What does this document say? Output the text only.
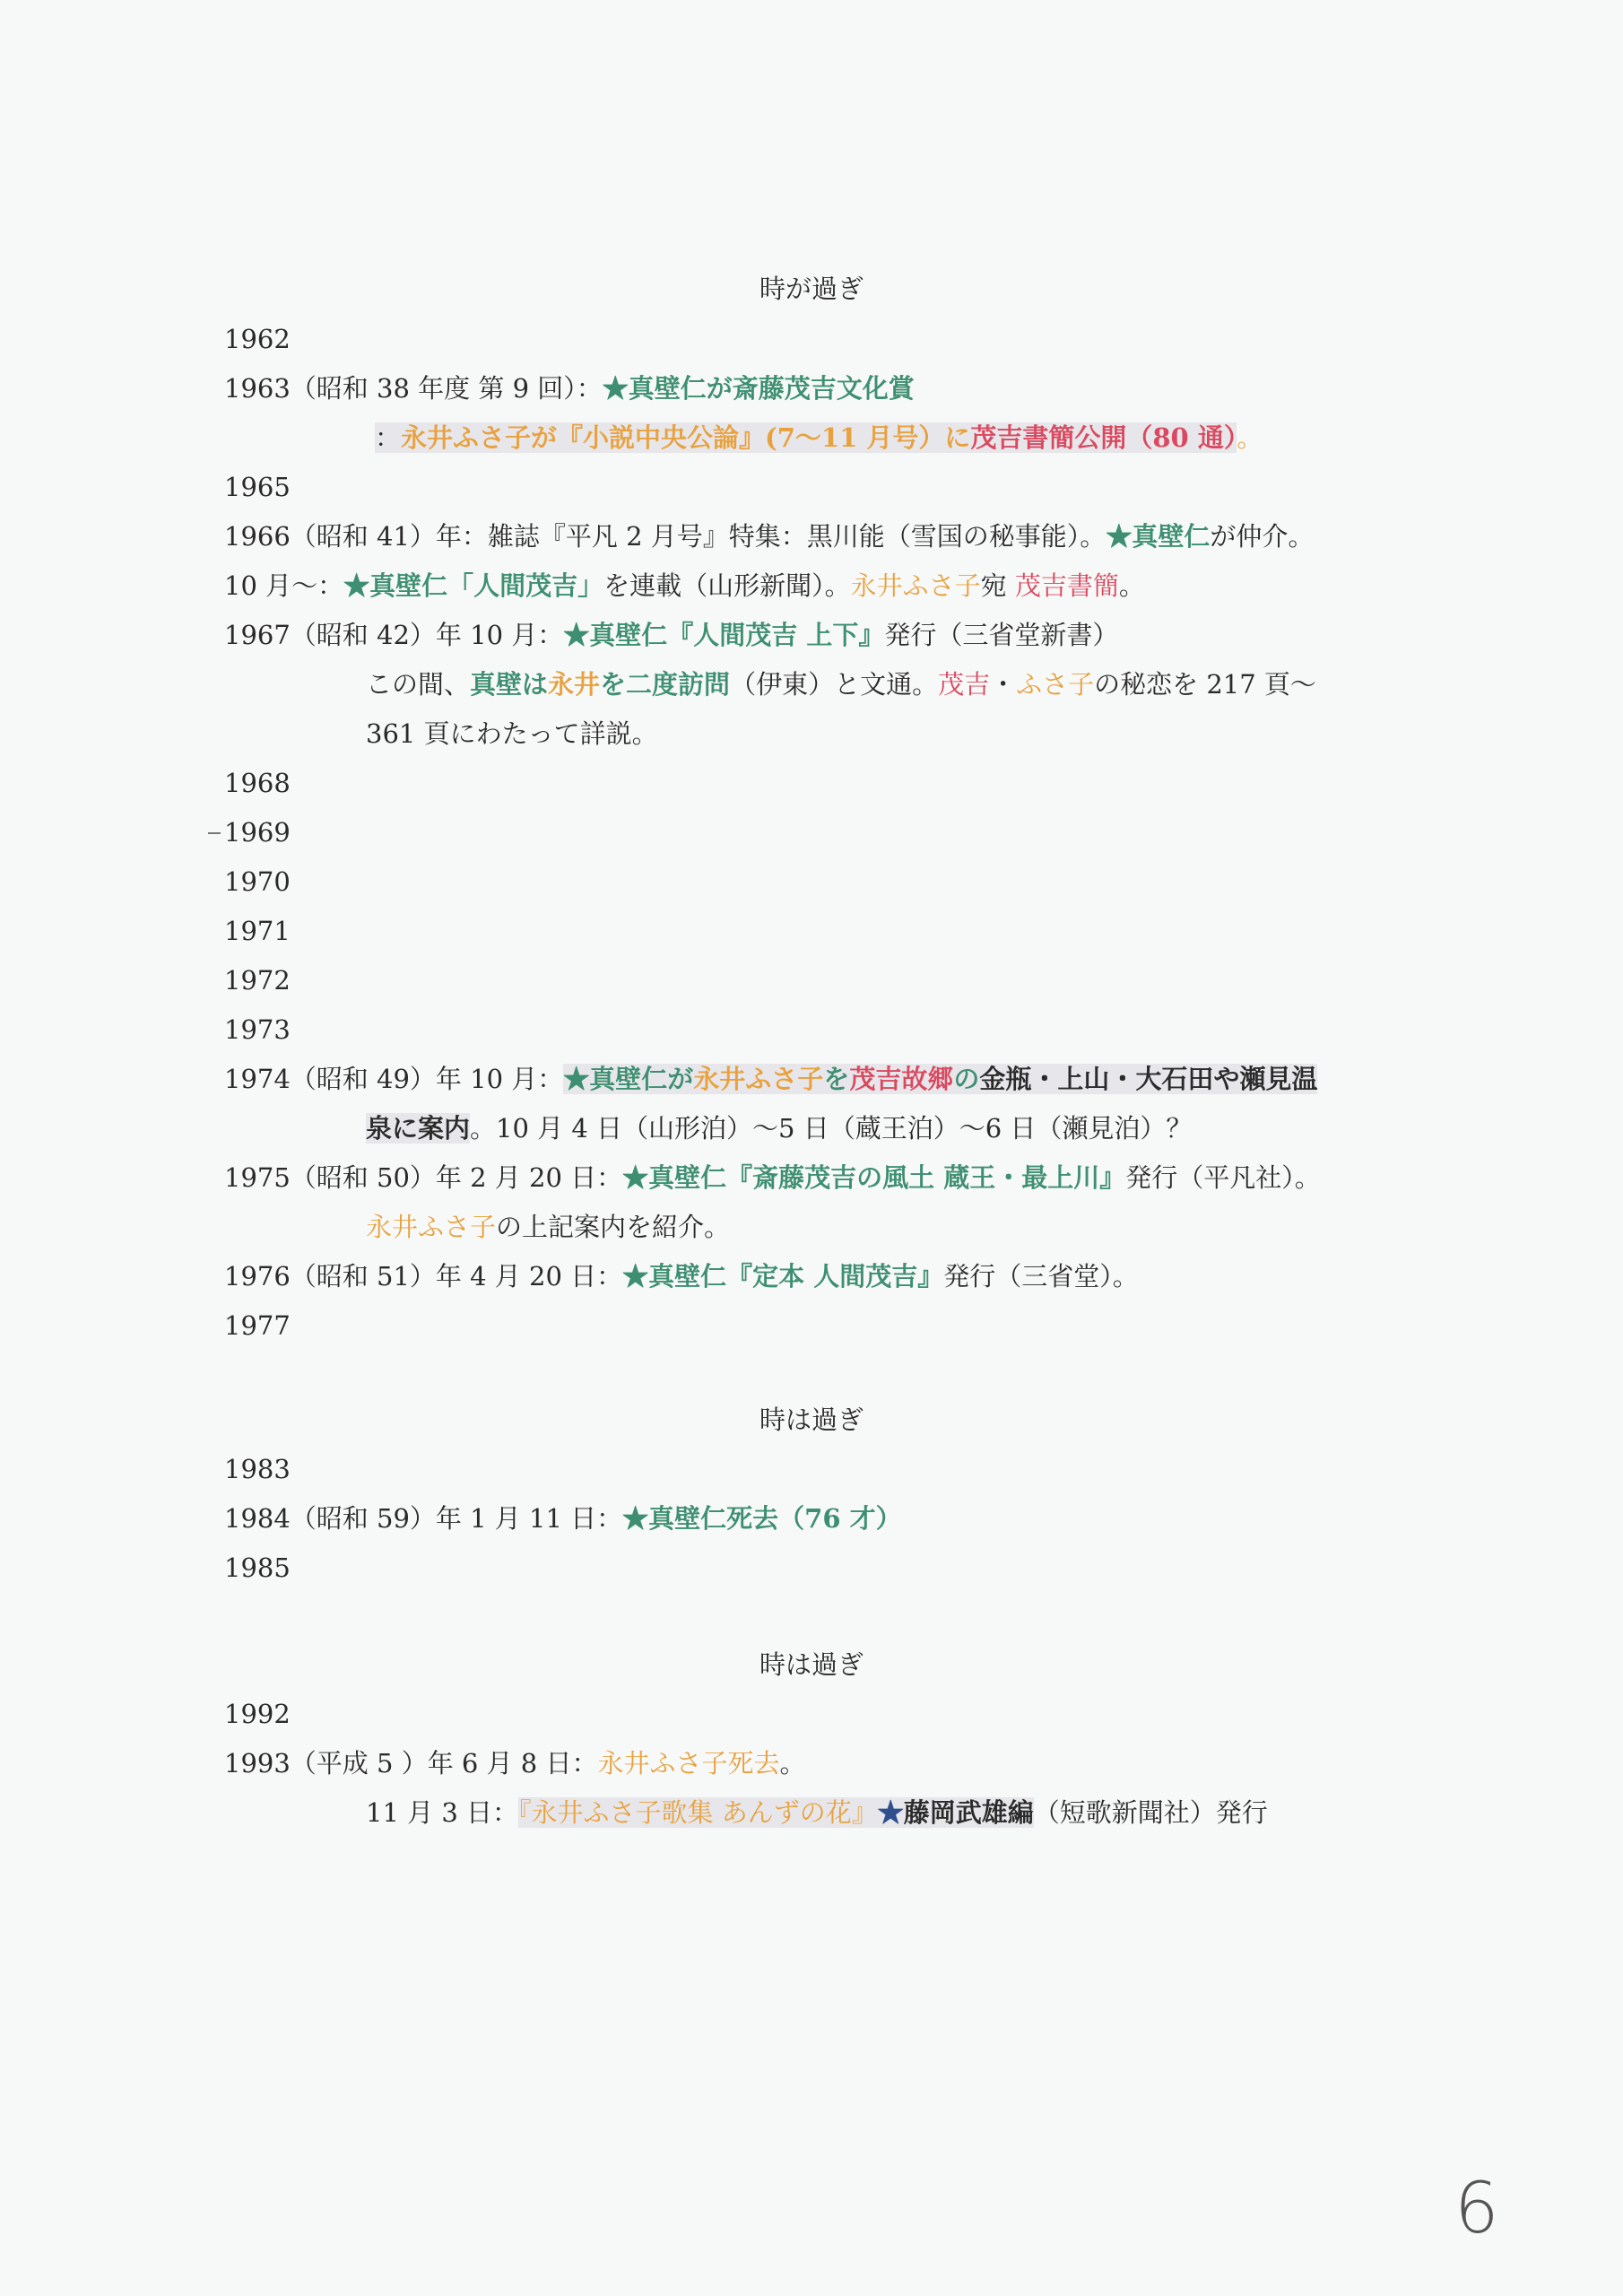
時が過ぎ
1962
1963（昭和 38 年度 第 9 回）：★真壁仁が斎藤茂吉文化賞
：永井ふさ子が『小説中央公論』(7～11 月号）に茂吉書簡公開（80 通）。
1965
1966（昭和 41）年：雑誌『平凡 2 月号』特集：黒川能（雪国の秘事能）。★真壁仁が仲介。
10 月～：★真壁仁「人間茂吉」を連載（山形新聞）。永井ふさ子宛 茂吉書簡。
1967（昭和 42）年 10 月：★真壁仁『人間茂吉 上下』発行（三省堂新書）
この間、真壁は永井を二度訪問（伊東）と文通。茂吉・ふさ子の秘恋を 217 頁～
361 頁にわたって詳説。
1968
1969
1970
1971
1972
1973
1974（昭和 49）年 10 月：★真壁仁が永井ふさ子を茂吉故郷の金瓶・上山・大石田や瀬見温
泉に案内。10 月 4 日（山形泊）～5 日（蔵王泊）～6 日（瀬見泊）？
1975（昭和 50）年 2 月 20 日：★真壁仁『斎藤茂吉の風土 蔵王・最上川』発行（平凡社）。
永井ふさ子の上記案内を紹介。
1976（昭和 51）年 4 月 20 日：★真壁仁『定本 人間茂吉』発行（三省堂）。
1977
時は過ぎ
1983
1984（昭和 59）年 1 月 11 日：★真壁仁死去（76 才）
1985
時は過ぎ
1992
1993（平成 5 ）年 6 月 8 日：永井ふさ子死去。
11 月 3 日：『永井ふさ子歌集 あんずの花』★藤岡武雄編（短歌新聞社）発行
6
